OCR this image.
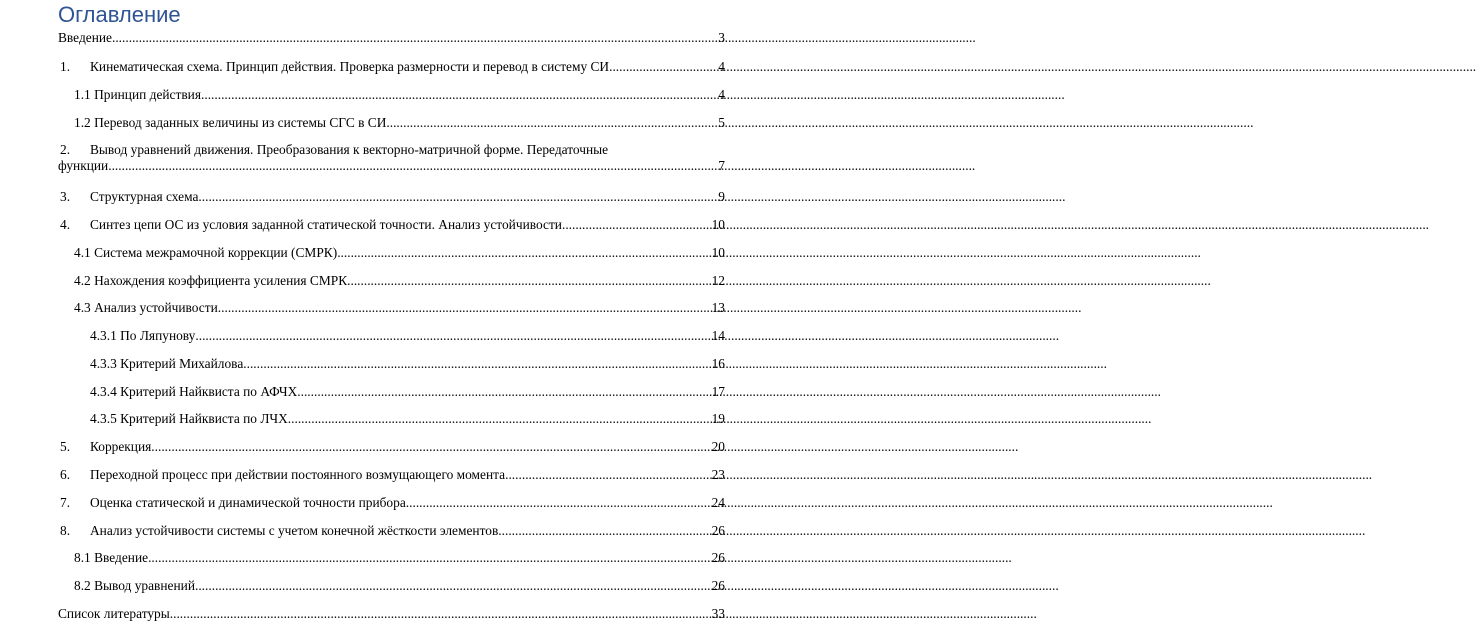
Оглавление
Введение .....	3
1.	Кинематическая схема. Принцип действия. Проверка размерности и перевод в систему СИ. .....	4
1.1 Принцип действия .....	4
1.2 Перевод заданных величины из системы СГС в СИ. .....	5
2. Вывод уравнений движения. Преобразования к векторно-матричной форме. Передаточные
функции. .....	7
3.	Структурная схема. .....	9
4.	Синтез цепи ОС из условия заданной статической точности. Анализ устойчивости. .....	10
4.1 Система межрамочной коррекции (СМРК) .....	10
4.2 Нахождения коэффициента усиления СМРК .....	12
4.3 Анализ устойчивости .....	13
4.3.1 По Ляпунову .....	14
4.3.3 Критерий Михайлова .....	16
4.3.4 Критерий Найквиста по АФЧХ .....	17
4.3.5 Критерий Найквиста по ЛЧХ .....	19
5.	Коррекция. .....	20
6.	Переходной процесс при действии постоянного возмущающего момента. .....	23
7.	Оценка статической и динамической точности прибора. .....	24
8.	Анализ устойчивости системы с учетом конечной жёсткости элементов. .....	26
8.1 Введение .....	26
8.2 Вывод уравнений .....	26
Список литературы. .....	33
